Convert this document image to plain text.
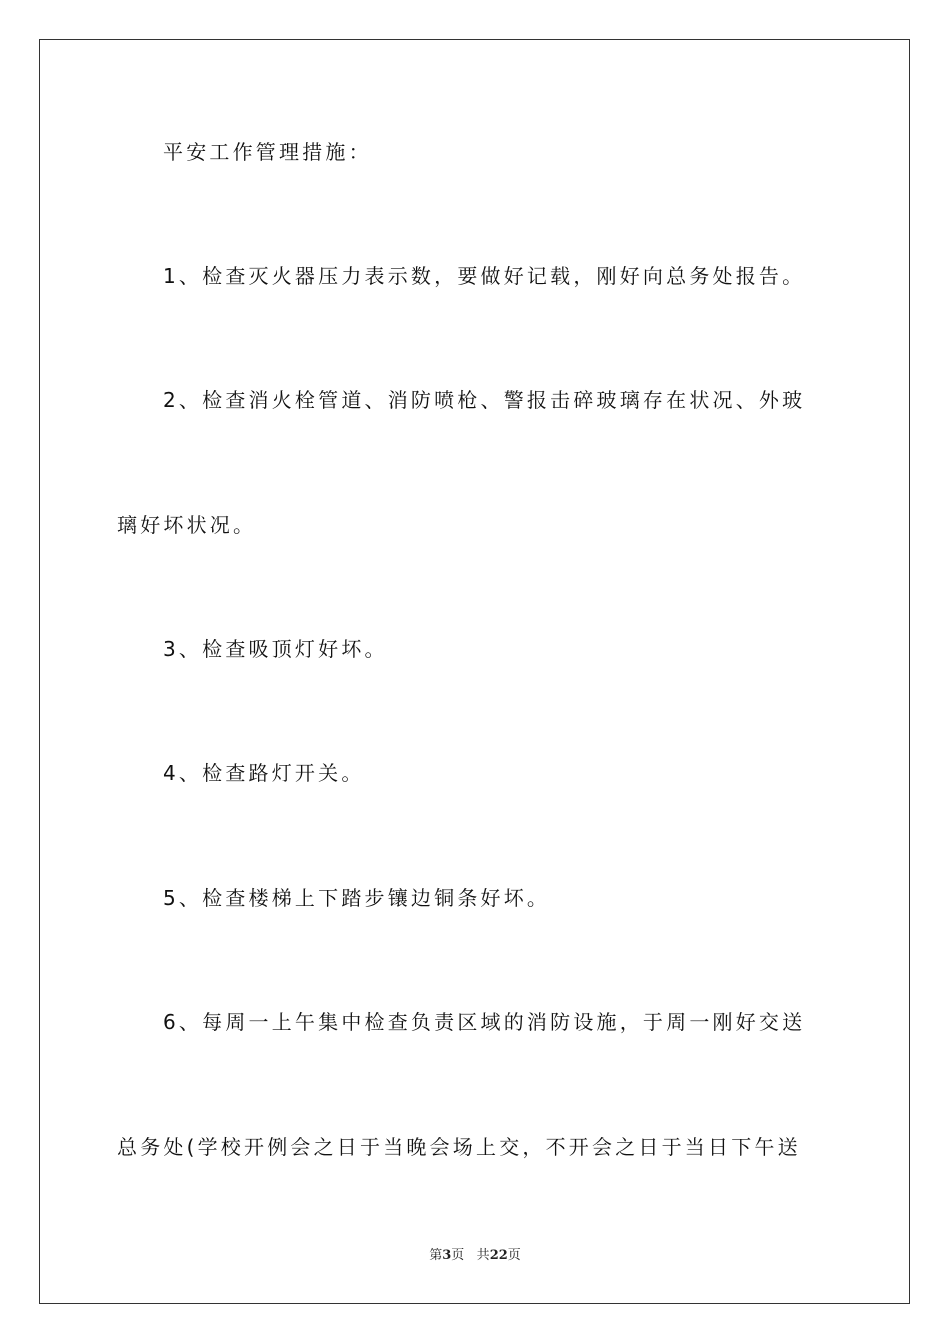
平安工作管理措施：

1、检查灭火器压力表示数，要做好记载，刚好向总务处报告。

2、检查消火栓管道、消防喷枪、警报击碎玻璃存在状况、外玻

璃好坏状况。

3、检查吸顶灯好坏。

4、检查路灯开关。

5、检查楼梯上下踏步镶边铜条好坏。

6、每周一上午集中检查负责区域的消防设施，于周一刚好交送

总务处(学校开例会之日于当晚会场上交，不开会之日于当日下午送

第3页 共22页
